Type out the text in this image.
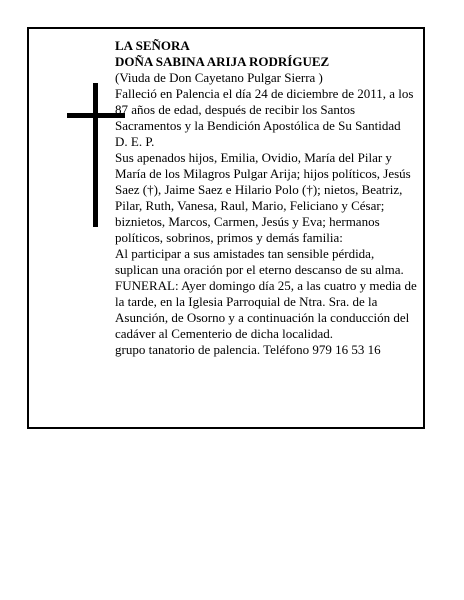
LA SEÑORA

DOÑA SABINA ARIJA RODRÍGUEZ

(Viuda de Don Cayetano Pulgar Sierra )

Falleció en Palencia el día 24 de diciembre de 2011, a los 87 años de edad, después de recibir los Santos Sacramentos y la Bendición Apostólica de Su Santidad

D. E. P.

Sus apenados hijos, Emilia, Ovidio, María del Pilar y María de los Milagros Pulgar Arija; hijos políticos, Jesús Saez (†), Jaime Saez e Hilario Polo (†); nietos, Beatriz, Pilar, Ruth, Vanesa, Raul, Mario, Feliciano y César; biznietos, Marcos, Carmen, Jesús y Eva; hermanos políticos, sobrinos, primos y demás familia:

Al participar a sus amistades tan sensible pérdida, suplican una oración por el eterno descanso de su alma.

FUNERAL: Ayer domingo día 25, a las cuatro y media de la tarde, en la Iglesia Parroquial de Ntra. Sra. de la Asunción, de Osorno y a continuación la conducción del cadáver al Cementerio de dicha localidad.

grupo tanatorio de palencia. Teléfono 979 16 53 16
